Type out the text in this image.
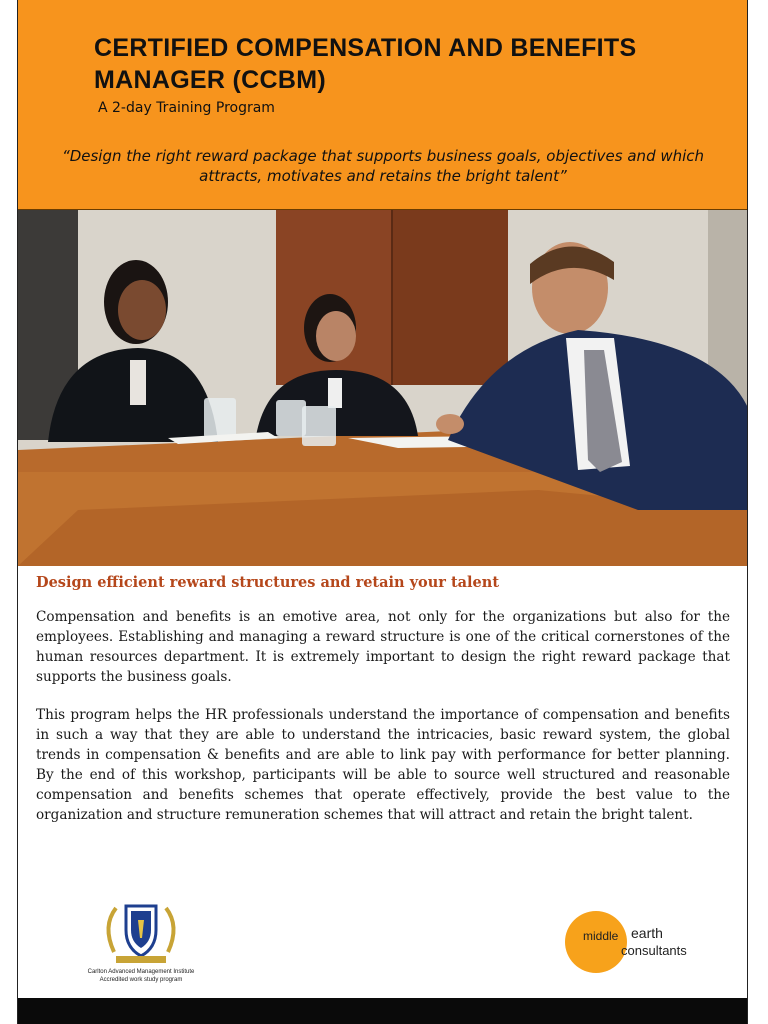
CERTIFIED COMPENSATION AND BENEFITS MANAGER (CCBM)

A 2-day Training Program

“Design the right reward package that supports business goals, objectives and which attracts, motivates and retains the bright talent”

Design efficient reward structures and retain your talent

Compensation and benefits is an emotive area, not only for the organizations but also for the employees. Establishing and managing a reward structure is one of the critical cornerstones of the human resources department. It is extremely important to design the right reward package that supports the business goals.

This program helps the HR professionals understand the importance of compensation and benefits in such a way that they are able to understand the intricacies, basic reward system, the global trends in compensation & benefits and are able to link pay with performance for better planning. By the end of this workshop, participants will be able to source well structured and reasonable compensation and benefits schemes that operate effectively, provide the best value to the organization and structure remuneration schemes that will attract and retain the bright talent.

Carlton Advanced Management Institute
Accredited work study program
middle earth
consultants
